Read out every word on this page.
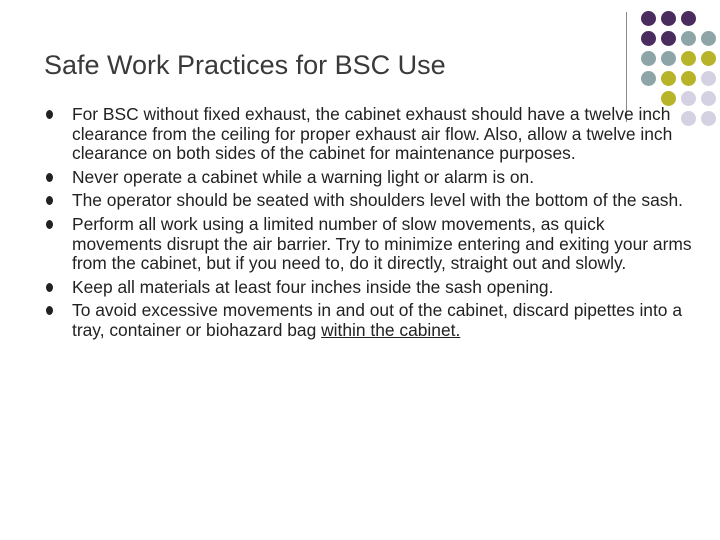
Safe Work Practices for BSC Use
For BSC without fixed exhaust, the cabinet exhaust should have a twelve inch clearance from the ceiling for proper exhaust air flow. Also, allow a twelve inch clearance on both sides of the cabinet for maintenance purposes.
Never operate a cabinet while a warning light or alarm is on.
The operator should be seated with shoulders level with the bottom of the sash.
Perform all work using a limited number of slow movements, as quick movements disrupt the air barrier. Try to minimize entering and exiting your arms from the cabinet, but if you need to, do it directly, straight out and slowly.
Keep all materials at least four inches inside the sash opening.
To avoid excessive movements in and out of the cabinet, discard pipettes into a tray, container or biohazard bag within the cabinet.
